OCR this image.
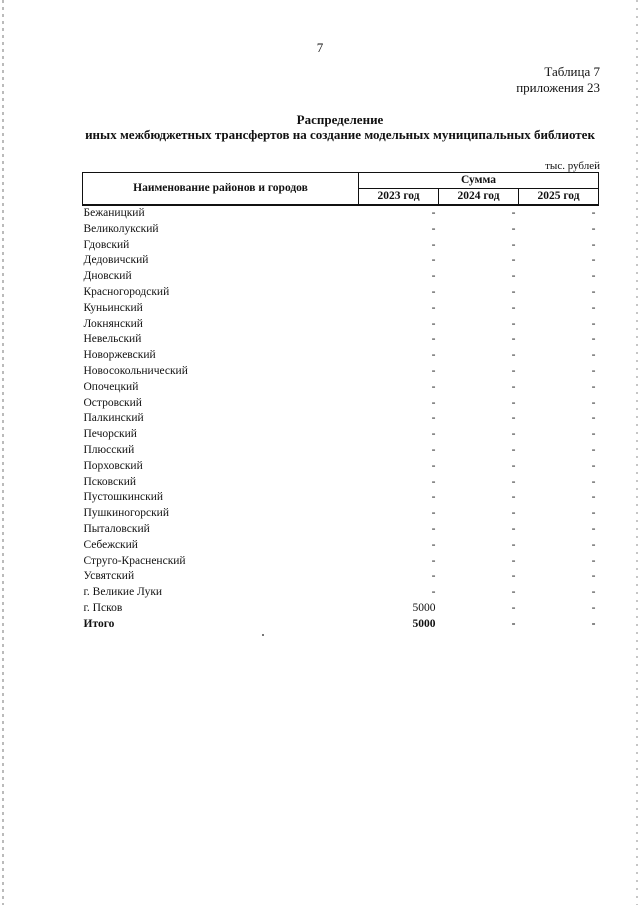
7
Таблица 7
приложения 23
Распределение
иных межбюджетных трансфертов на создание модельных муниципальных библиотек
тыс. рублей
Наименование районов и городов	Сумма		
	2023 год	2024 год	2025 год
Бежаницкий	-	-	-
Великолукский	-	-	-
Гдовский	-	-	-
Дедовичский	-	-	-
Дновский	-	-	-
Красногородский	-	-	-
Куньинский	-	-	-
Локнянский	-	-	-
Невельский	-	-	-
Новоржевский	-	-	-
Новосокольнический	-	-	-
Опочецкий	-	-	-
Островский	-	-	-
Палкинский	-	-	-
Печорский	-	-	-
Плюсский	-	-	-
Порховский	-	-	-
Псковский	-	-	-
Пустошкинский	-	-	-
Пушкиногорский	-	-	-
Пыталовский	-	-	-
Себежский	-	-	-
Струго-Красненский	-	-	-
Усвятский	-	-	-
г. Великие Луки	-	-	-
г. Псков	5000	-	-
Итого	5000	-	-
